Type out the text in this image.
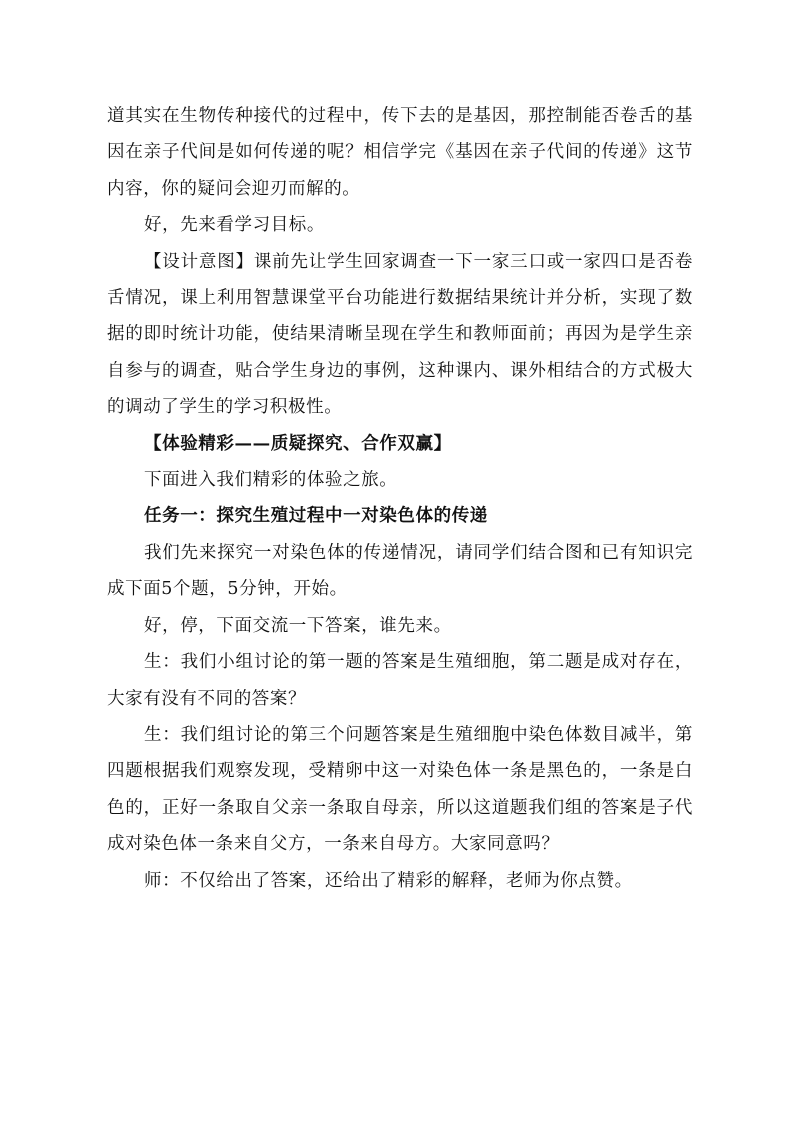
道其实在生物传种接代的过程中，传下去的是基因，那控制能否卷舌的基因在亲子代间是如何传递的呢？相信学完《基因在亲子代间的传递》这节内容，你的疑问会迎刃而解的。

好，先来看学习目标。

【设计意图】课前先让学生回家调查一下一家三口或一家四口是否卷舌情况，课上利用智慧课堂平台功能进行数据结果统计并分析，实现了数据的即时统计功能，使结果清晰呈现在学生和教师面前；再因为是学生亲自参与的调查，贴合学生身边的事例，这种课内、课外相结合的方式极大的调动了学生的学习积极性。

【体验精彩——质疑探究、合作双赢】

下面进入我们精彩的体验之旅。

任务一：探究生殖过程中一对染色体的传递

我们先来探究一对染色体的传递情况，请同学们结合图和已有知识完成下面5个题，5分钟，开始。

好，停，下面交流一下答案，谁先来。

生：我们小组讨论的第一题的答案是生殖细胞，第二题是成对存在，大家有没有不同的答案？

生：我们组讨论的第三个问题答案是生殖细胞中染色体数目减半，第四题根据我们观察发现，受精卵中这一对染色体一条是黑色的，一条是白色的，正好一条取自父亲一条取自母亲，所以这道题我们组的答案是子代成对染色体一条来自父方，一条来自母方。大家同意吗？

师：不仅给出了答案，还给出了精彩的解释，老师为你点赞。
